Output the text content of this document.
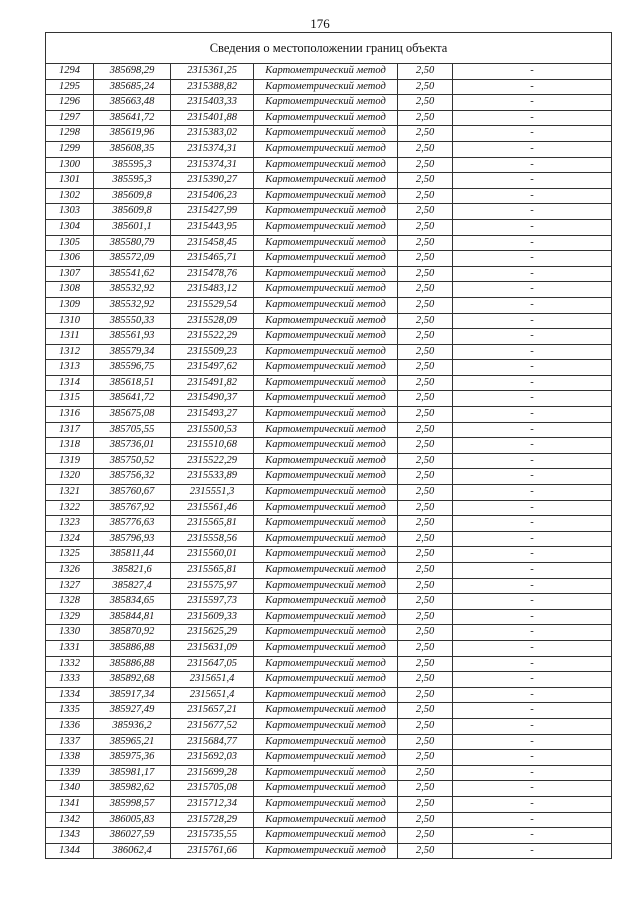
176
Сведения о местоположении границ объекта					
1294	385698,29	2315361,25	Картометрический метод	2,50	-
1295	385685,24	2315388,82	Картометрический метод	2,50	-
1296	385663,48	2315403,33	Картометрический метод	2,50	-
1297	385641,72	2315401,88	Картометрический метод	2,50	-
1298	385619,96	2315383,02	Картометрический метод	2,50	-
1299	385608,35	2315374,31	Картометрический метод	2,50	-
1300	385595,3	2315374,31	Картометрический метод	2,50	-
1301	385595,3	2315390,27	Картометрический метод	2,50	-
1302	385609,8	2315406,23	Картометрический метод	2,50	-
1303	385609,8	2315427,99	Картометрический метод	2,50	-
1304	385601,1	2315443,95	Картометрический метод	2,50	-
1305	385580,79	2315458,45	Картометрический метод	2,50	-
1306	385572,09	2315465,71	Картометрический метод	2,50	-
1307	385541,62	2315478,76	Картометрический метод	2,50	-
1308	385532,92	2315483,12	Картометрический метод	2,50	-
1309	385532,92	2315529,54	Картометрический метод	2,50	-
1310	385550,33	2315528,09	Картометрический метод	2,50	-
1311	385561,93	2315522,29	Картометрический метод	2,50	-
1312	385579,34	2315509,23	Картометрический метод	2,50	-
1313	385596,75	2315497,62	Картометрический метод	2,50	-
1314	385618,51	2315491,82	Картометрический метод	2,50	-
1315	385641,72	2315490,37	Картометрический метод	2,50	-
1316	385675,08	2315493,27	Картометрический метод	2,50	-
1317	385705,55	2315500,53	Картометрический метод	2,50	-
1318	385736,01	2315510,68	Картометрический метод	2,50	-
1319	385750,52	2315522,29	Картометрический метод	2,50	-
1320	385756,32	2315533,89	Картометрический метод	2,50	-
1321	385760,67	2315551,3	Картометрический метод	2,50	-
1322	385767,92	2315561,46	Картометрический метод	2,50	-
1323	385776,63	2315565,81	Картометрический метод	2,50	-
1324	385796,93	2315558,56	Картометрический метод	2,50	-
1325	385811,44	2315560,01	Картометрический метод	2,50	-
1326	385821,6	2315565,81	Картометрический метод	2,50	-
1327	385827,4	2315575,97	Картометрический метод	2,50	-
1328	385834,65	2315597,73	Картометрический метод	2,50	-
1329	385844,81	2315609,33	Картометрический метод	2,50	-
1330	385870,92	2315625,29	Картометрический метод	2,50	-
1331	385886,88	2315631,09	Картометрический метод	2,50	-
1332	385886,88	2315647,05	Картометрический метод	2,50	-
1333	385892,68	2315651,4	Картометрический метод	2,50	-
1334	385917,34	2315651,4	Картометрический метод	2,50	-
1335	385927,49	2315657,21	Картометрический метод	2,50	-
1336	385936,2	2315677,52	Картометрический метод	2,50	-
1337	385965,21	2315684,77	Картометрический метод	2,50	-
1338	385975,36	2315692,03	Картометрический метод	2,50	-
1339	385981,17	2315699,28	Картометрический метод	2,50	-
1340	385982,62	2315705,08	Картометрический метод	2,50	-
1341	385998,57	2315712,34	Картометрический метод	2,50	-
1342	386005,83	2315728,29	Картометрический метод	2,50	-
1343	386027,59	2315735,55	Картометрический метод	2,50	-
1344	386062,4	2315761,66	Картометрический метод	2,50	-
